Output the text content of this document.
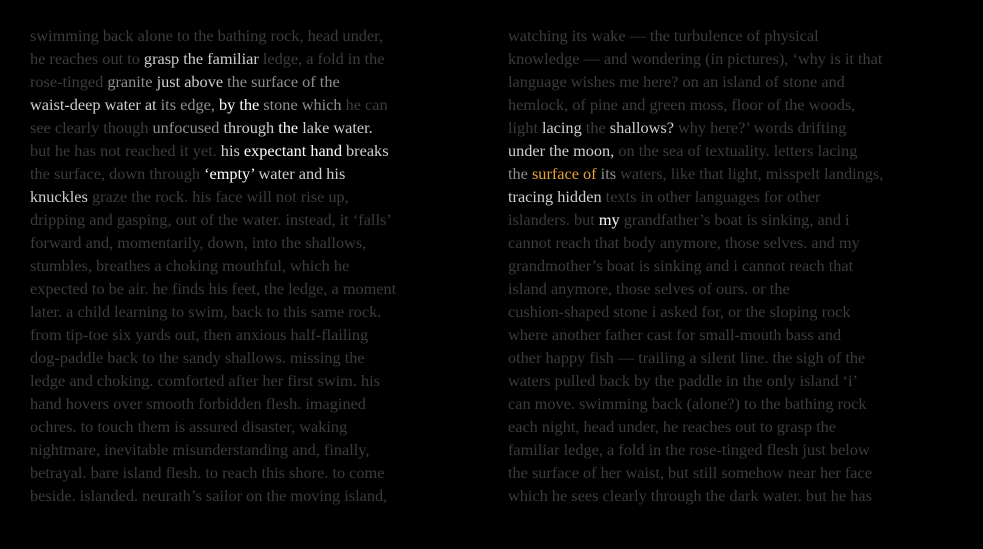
swimming back alone to the bathing rock, head under,
he reaches out to grasp the familiar ledge, a fold in the
rose-tinged granite just above the surface of the
waist-deep water at its edge, by the stone which he can
see clearly though unfocused through the lake water.
but he has not reached it yet. his expectant hand breaks
the surface, down through ‘empty’ water and his
knuckles graze the rock. his face will not rise up,
dripping and gasping, out of the water. instead, it ‘falls’
forward and, momentarily, down, into the shallows,
stumbles, breathes a choking mouthful, which he
expected to be air. he finds his feet, the ledge, a moment
later. a child learning to swim, back to this same rock.
from tip-toe six yards out, then anxious half-flailing
dog-paddle back to the sandy shallows. missing the
ledge and choking. comforted after her first swim. his
hand hovers over smooth forbidden flesh. imagined
ochres. to touch them is assured disaster, waking
nightmare, inevitable misunderstanding and, finally,
betrayal. bare island flesh. to reach this shore. to come
beside. islanded. neurath’s sailor on the moving island,
watching its wake — the turbulence of physical
knowledge — and wondering (in pictures), ‘why is it that
language wishes me here? on an island of stone and
hemlock, of pine and green moss, floor of the woods,
light lacing the shallows? why here?’ words drifting
under the moon, on the sea of textuality. letters lacing
the surface of its waters, like that light, misspelt landings,
tracing hidden texts in other languages for other
islanders. but my grandfather’s boat is sinking, and i
cannot reach that body anymore, those selves. and my
grandmother’s boat is sinking and i cannot reach that
island anymore, those selves of ours. or the
cushion-shaped stone i asked for, or the sloping rock
where another father cast for small-mouth bass and
other happy fish — trailing a silent line. the sigh of the
waters pulled back by the paddle in the only island ‘i’
can move. swimming back (alone?) to the bathing rock
each night, head under, he reaches out to grasp the
familiar ledge, a fold in the rose-tinged flesh just below
the surface of her waist, but still somehow near her face
which he sees clearly through the dark water. but he has
